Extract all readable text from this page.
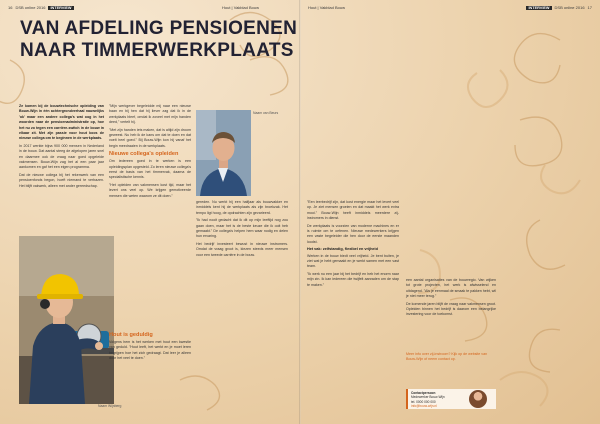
16 DSB online 2016	INTERVIEW	Hout | Vakblad Bouw
VAN AFDELING PENSIOENEN NAAR TIMMERWERKPLAATS

Ze komen bij de bouwtechnische opleiding van Bouw-Wijn in één achtergrondverhaal nauwelijks 'ok' maar een andere collega's wat oog in het woorden naar de pensioenadministratie op, hoe het nu zo tegen een carrière-switch in de bouw in elkaar zit. Met zijn passie voor hout koos de nieuwe collega om te beginnen in de werkplaats.

In 2017 werkte bijna 900 000 mensen in Nederland in de bouw. Dat aantal steeg de afgelopen jaren snel en daarmee ook de vraag naar goed opgeleide vakmensen. Bouw-Wijn zag het al een paar jaar aankomen en gaf het een eigen programma.

Dat de nieuwe collega bij het rekenwerk van een pensioenfonds begon, hoeft niemand te verbazen. Het blijft vakwerk, alleen met ander gereedschap.

Naam Wijnberg

"Mijn werkgever begeleidde mij naar een nieuwe baan en bij hen dat hij liever zag dat ik in de werkplaats bleef, omdat ik zoveel met mijn handen deed," vertelt hij.

"Met zijn handen iets maken, dat is altijd zijn droom geweest. Nu heb ik de kans om dat te doen en dat voelt heel goed." Bij Bouw-Wijn kon hij vanaf het begin meedraaien in de werkplaats.

Nieuwe collega's opleiden

Om iedereen goed in te werken is een opleidingsplan opgesteld. Zo leren nieuwe collega's eerst de basis van het timmervak, daarna de specialistische kennis.

"Het opleiden van vakmensen kost tijd, maar het levert ons veel op. We krijgen gemotiveerde mensen die weten waarom ze dit doen."

Hout is geduldig

Volgens hem is het werken met hout een kwestie van geduld. "Hout leeft, het werkt en je moet leren begrijpen hoe het zich gedraagt. Dat leer je alleen door het veel te doen."

Naam van Beurs

gereden. Nu werkt hij een halfjaar als bouwvakker en inmiddels kent hij de werkplaats als zijn broekzak. Het tempo ligt hoog, de opdrachten zijn gevarieerd.

"Ik had nooit gedacht dat ik dit op mijn leeftijd nog zou gaan doen, maar het is de beste keuze die ik ooit heb gemaakt." De collega's helpen hem waar nodig en delen hun ervaring.

Het bedrijf investeert bewust in nieuwe instromers. Omdat de vraag groot is, kiezen steeds meer mensen voor een tweede carrière in de bouw.

Hout | Vakblad Bouw	INTERVIEW	DSB online 2016 17

"Een leerbedrijf zijn, dat kost energie maar het levert veel op. Je ziet mensen groeien en dat maakt het werk extra mooi." Bouw-Wijn heeft inmiddels meerdere zij-instromers in dienst.

De werkplaats is voorzien van moderne machines en er is ruimte om te oefenen. Nieuwe medewerkers krijgen een vaste begeleider die hen door de eerste maanden loodst.

Het vak: zelfstandig, flexibel en vrijheid

Werken in de bouw biedt veel vrijheid. Je bent buiten, je ziet wat je hebt gemaakt en je werkt samen met een vast team.

"Ik werk nu een jaar bij het bedrijf en heb het enorm naar mijn zin. Ik kan iedereen die twijfelt aanraden om de stap te maken."

een aantal organisaties van de bouwregio. Van wijken tot grote projecten, het werk is afwisselend en uitdagend. "Als je eenmaal de smaak te pakken hebt, wil je niet meer terug."

De komende jaren blijft de vraag naar vakmensen groot. Opleiden binnen het bedrijf is daarom een belangrijke investering voor de toekomst.

Meer info over zij-instroom? Kijk op de website van Bouw-Wijn of neem contact op.
Contactpersoon
Medewerker Bouw-Wijn
tel. 0000 000 000
info@bouw-wijn.nl
